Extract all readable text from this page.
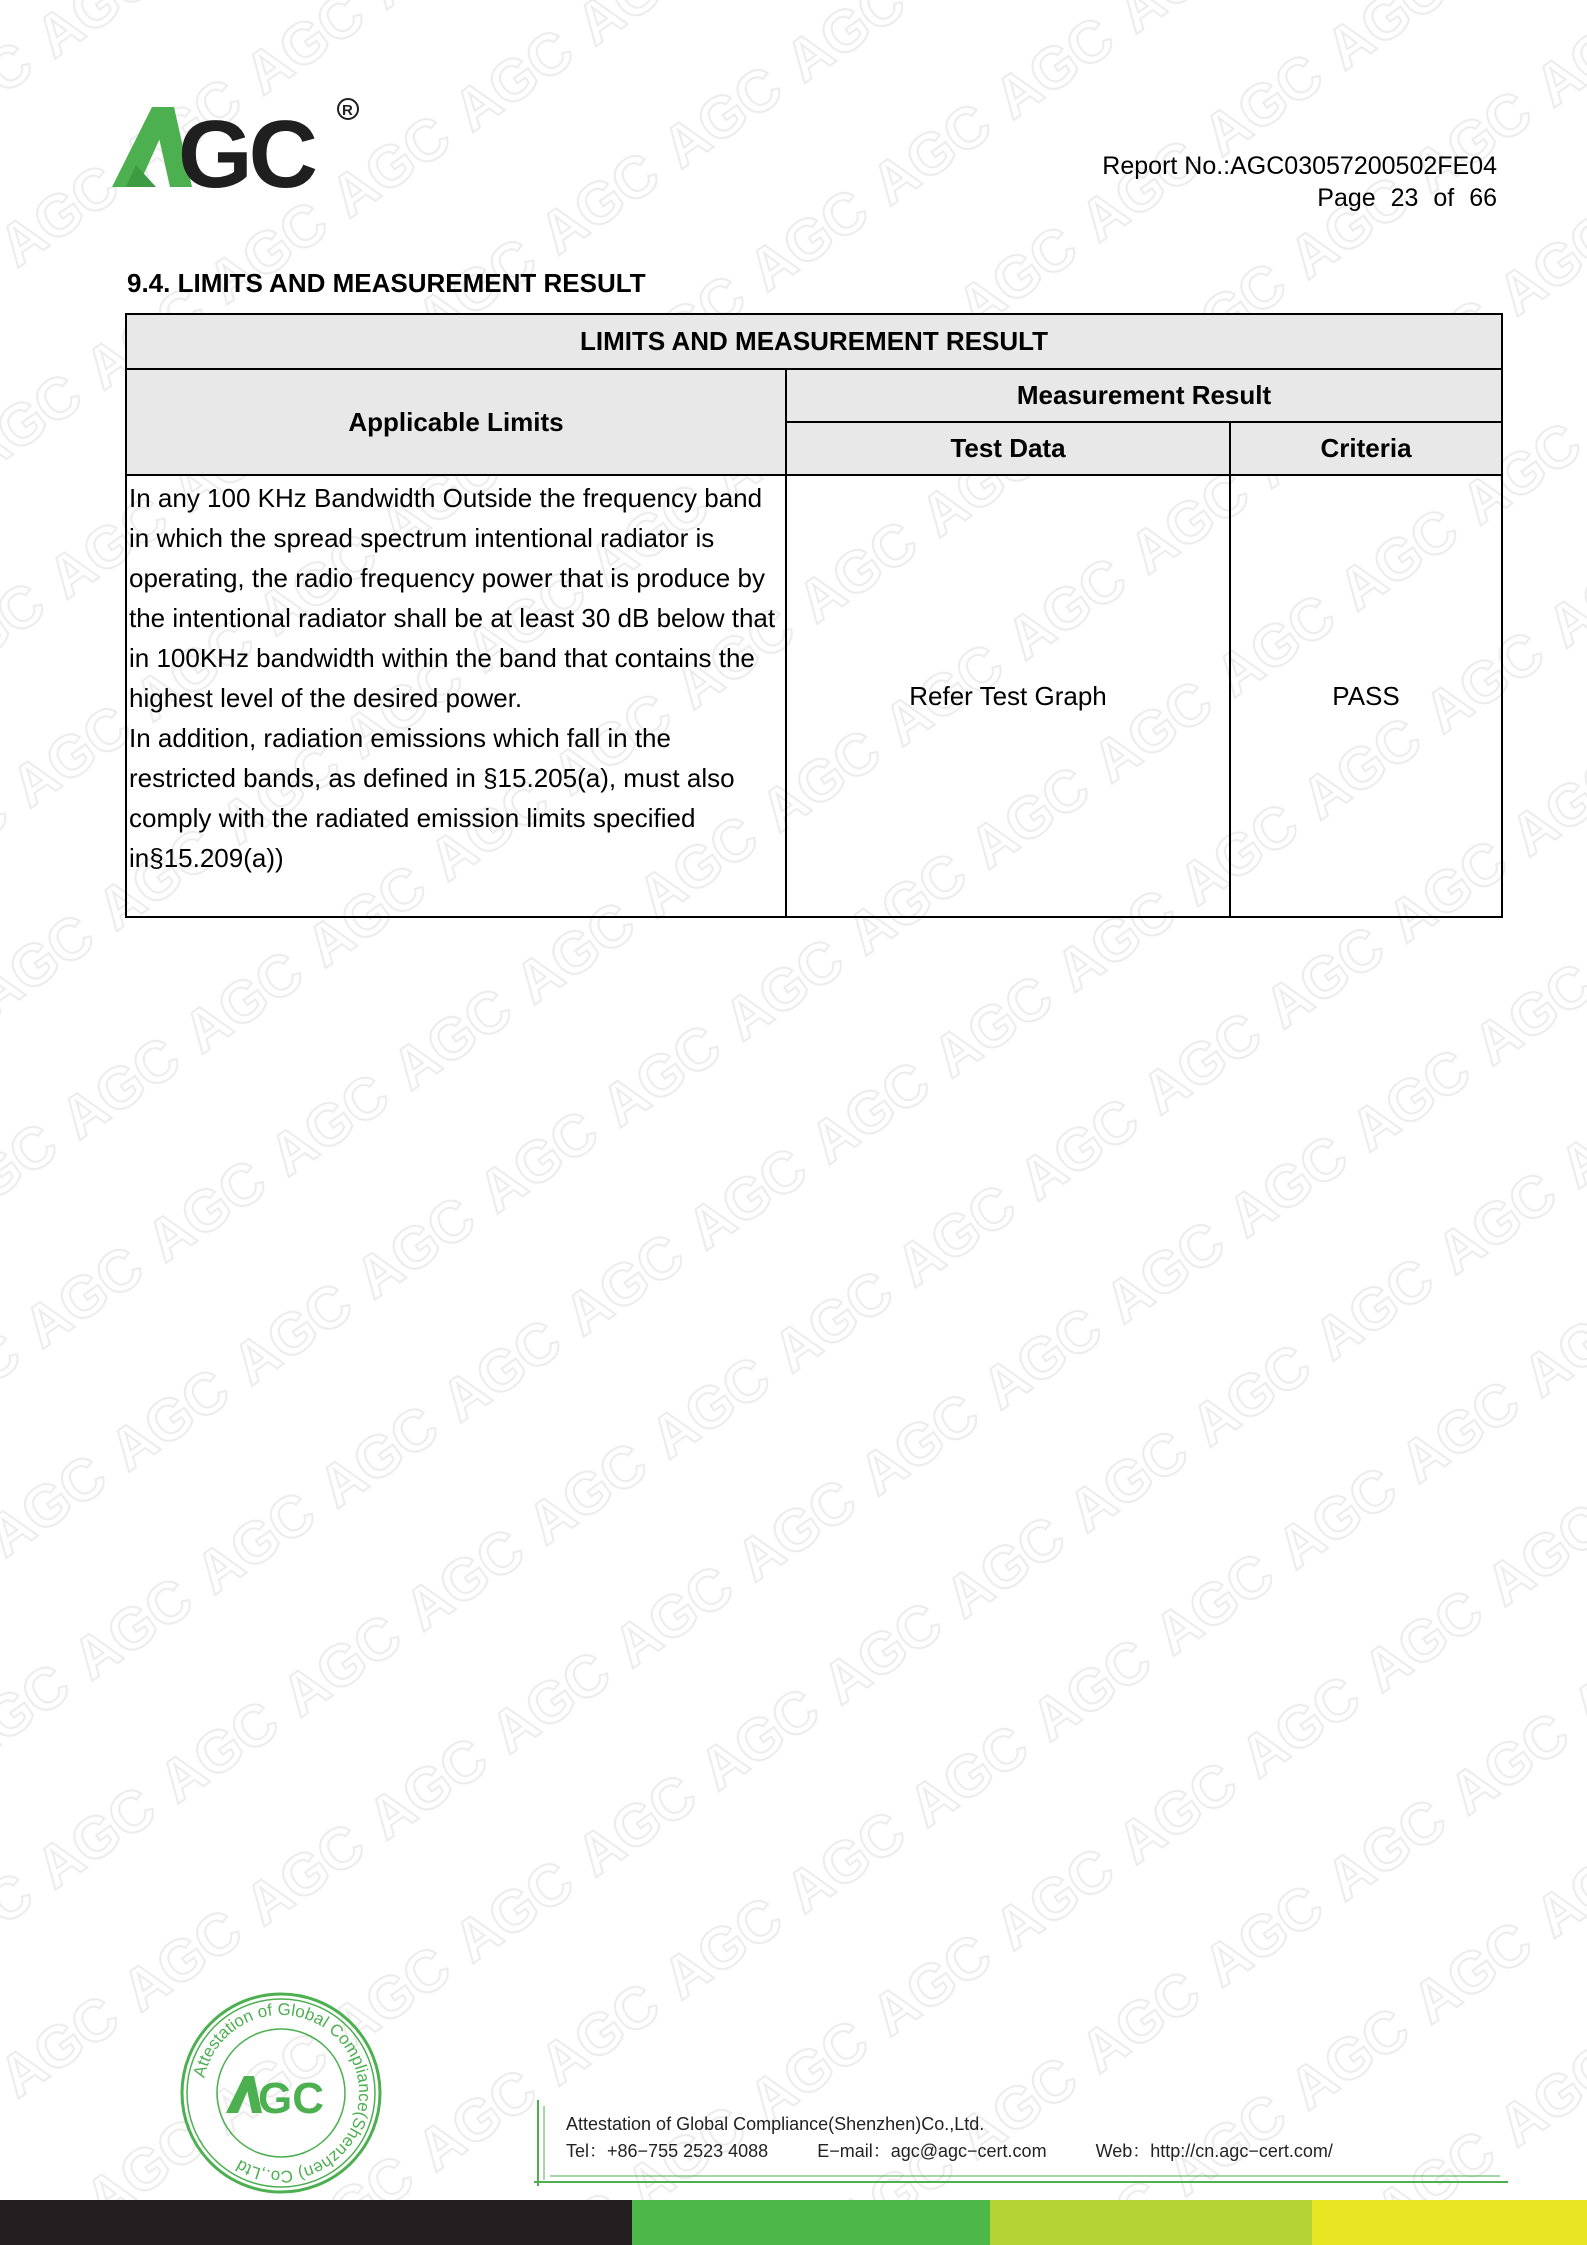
GC R
Report No.:AGC03057200502FE04
Page 23 of 66
9.4. LIMITS AND MEASUREMENT RESULT
LIMITS AND MEASUREMENT RESULT		
Applicable Limits	Measurement Result	
	Test Data	Criteria

In any 100 KHz Bandwidth Outside the frequency band in which the spread spectrum intentional radiator is operating, the radio frequency power that is produce by the intentional radiator shall be at least 30 dB below that in 100KHz bandwidth within the band that contains the highest level of the desired power.

In addition, radiation emissions which fall in the restricted bands, as defined in §15.205(a), must also comply with the radiated emission limits specified in§15.209(a))	Refer Test Graph	PASS
Attestation of Global Compliance(Shenzhen) Co.,Ltd
GC
Attestation of Global Compliance(Shenzhen)Co.,Ltd.
Tel：+86−755 2523 4088	E−mail：agc@agc−cert.com	Web：http://cn.agc−cert.com/
